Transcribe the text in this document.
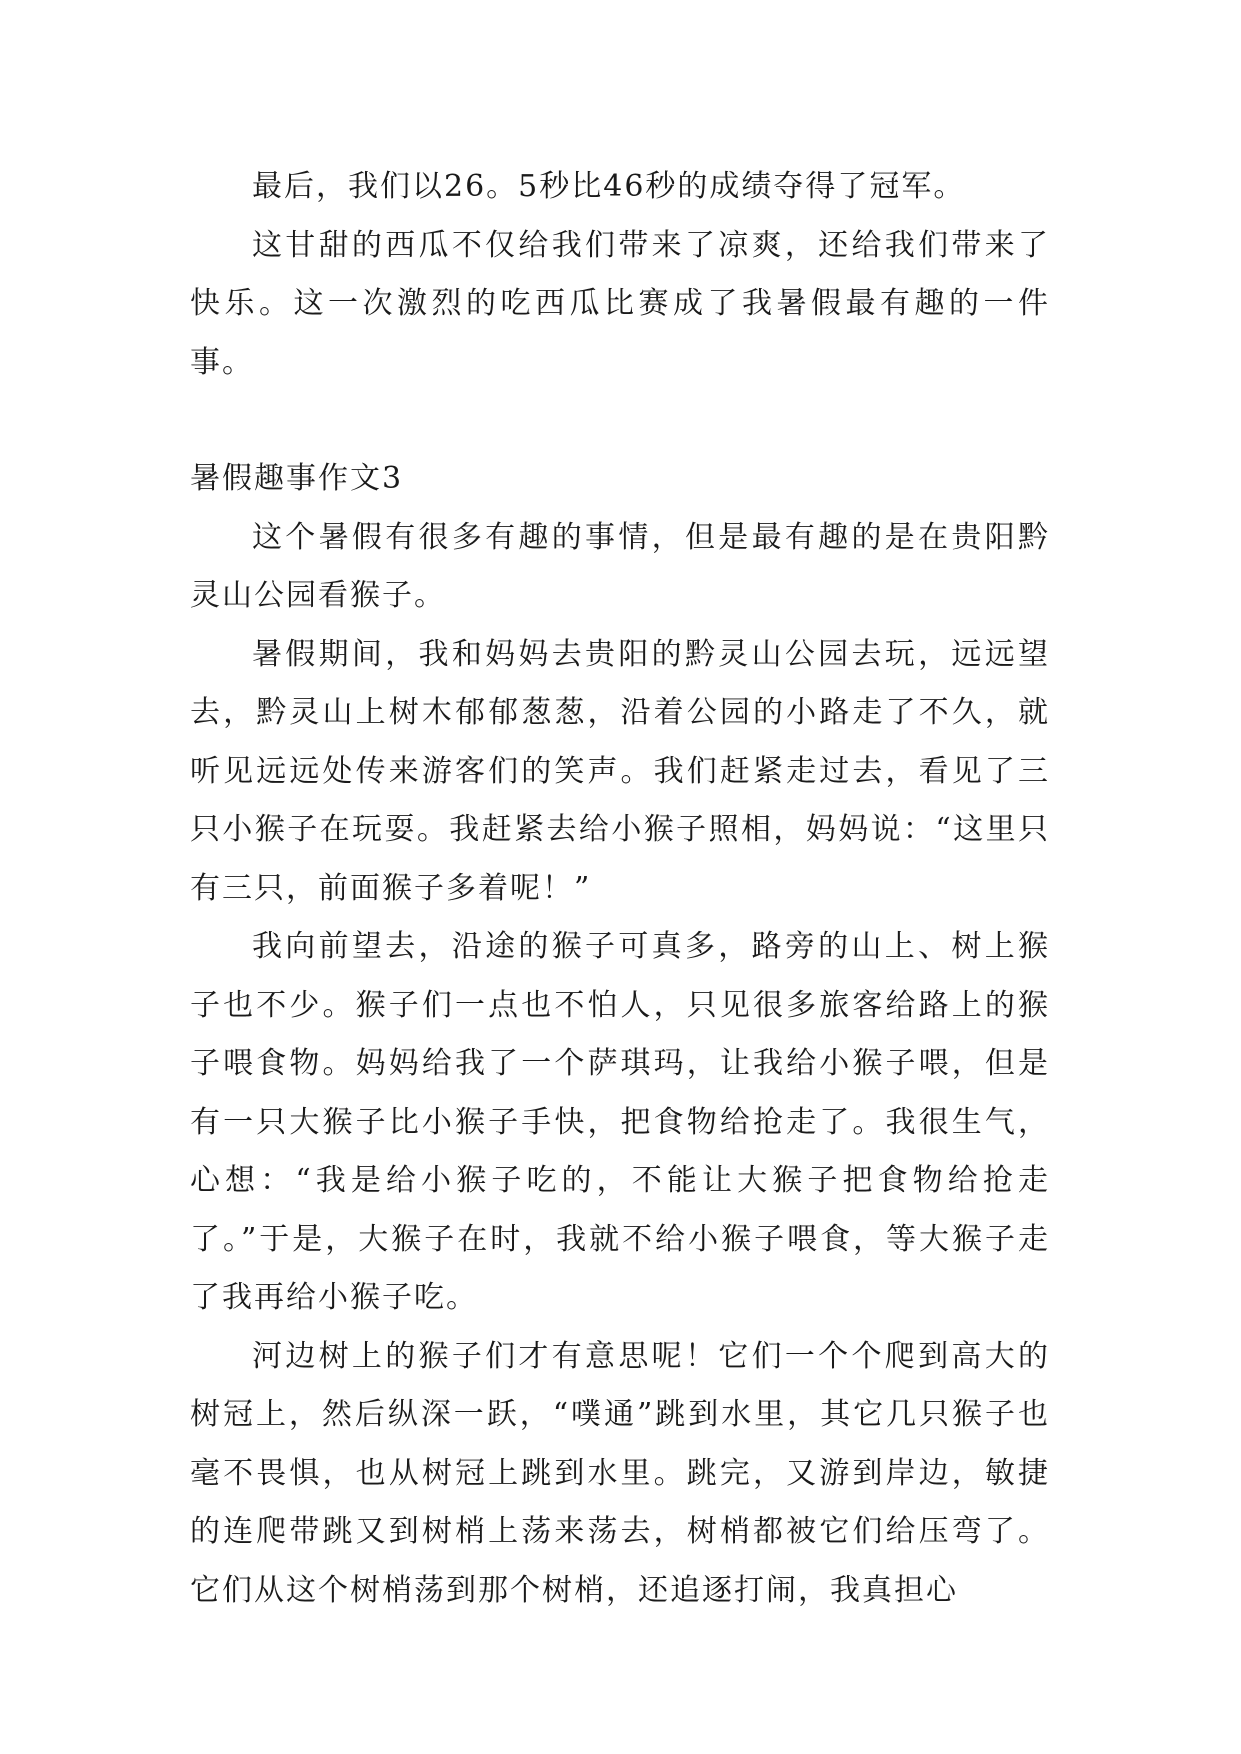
最后，我们以26。5秒比46秒的成绩夺得了冠军。

这甘甜的西瓜不仅给我们带来了凉爽，还给我们带来了快乐。这一次激烈的吃西瓜比赛成了我暑假最有趣的一件事。

暑假趣事作文3

这个暑假有很多有趣的事情，但是最有趣的是在贵阳黔灵山公园看猴子。

暑假期间，我和妈妈去贵阳的黔灵山公园去玩，远远望去，黔灵山上树木郁郁葱葱，沿着公园的小路走了不久，就听见远远处传来游客们的笑声。我们赶紧走过去，看见了三只小猴子在玩耍。我赶紧去给小猴子照相，妈妈说：“这里只有三只，前面猴子多着呢！”

我向前望去，沿途的猴子可真多，路旁的山上、树上猴子也不少。猴子们一点也不怕人，只见很多旅客给路上的猴子喂食物。妈妈给我了一个萨琪玛，让我给小猴子喂，但是有一只大猴子比小猴子手快，把食物给抢走了。我很生气，心想：“我是给小猴子吃的，不能让大猴子把食物给抢走了。”于是，大猴子在时，我就不给小猴子喂食，等大猴子走了我再给小猴子吃。

河边树上的猴子们才有意思呢！它们一个个爬到高大的树冠上，然后纵深一跃，“噗通”跳到水里，其它几只猴子也毫不畏惧，也从树冠上跳到水里。跳完，又游到岸边，敏捷的连爬带跳又到树梢上荡来荡去，树梢都被它们给压弯了。它们从这个树梢荡到那个树梢，还追逐打闹，我真担心
